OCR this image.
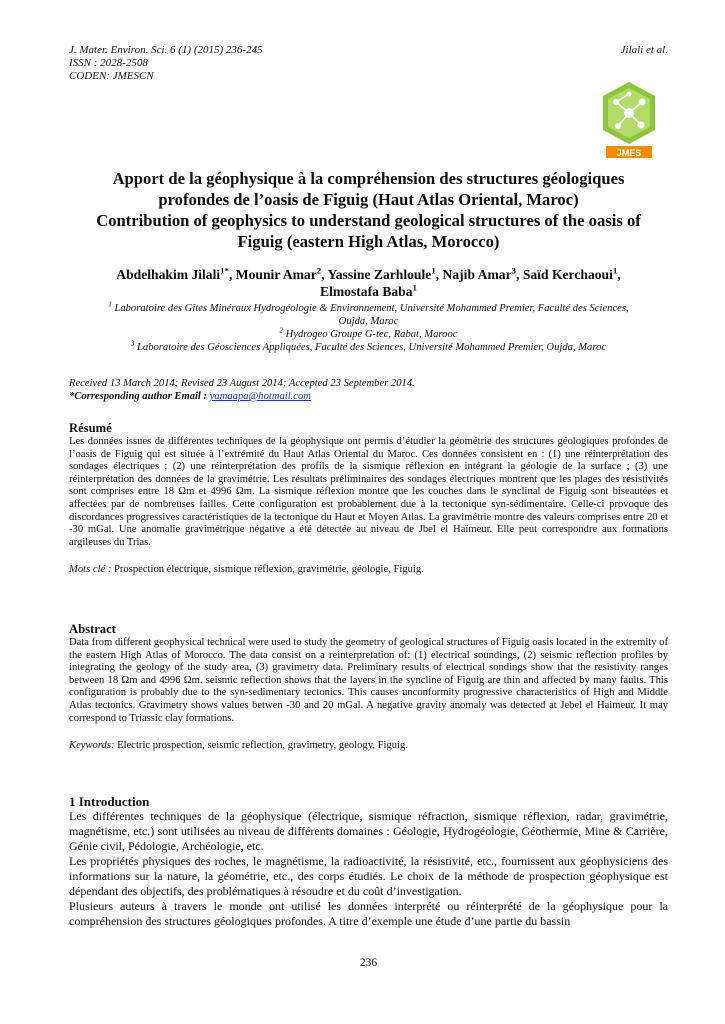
J. Mater. Environ. Sci. 6 (1) (2015) 236-245
ISSN : 2028-2508
CODEN: JMESCN
Jilali et al.
JMES
Apport de la géophysique à la compréhension des structures géologiques
profondes de l’oasis de Figuig (Haut Atlas Oriental, Maroc)
Contribution of geophysics to understand geological structures of the oasis of
Figuig (eastern High Atlas, Morocco)
Abdelhakim Jilali$^{1*}$, Mounir Amar$^2$, Yassine Zarhloule$^1$, Najib Amar$^3$, Saïd Kerchaoui$^1$,
Elmostafa Baba$^1$
$^1$ Laboratoire des Gîtes Minéraux Hydrogéologie & Environnement, Université Mohammed Premier, Faculté des Sciences,
Oujda, Maroc
$^2$ Hydrogeo Groupe G-tec, Rabat, Marooc
$^3$ Laboratoire des Géosciences Appliquées, Faculté des Sciences, Université Mohammed Premier, Oujda, Maroc
Received 13 March 2014; Revised 23 August 2014; Accepted 23 September 2014.
*Corresponding author Email : yamaapa@hotmail.com
Résumé

Les données issues de différentes techniques de la géophysique ont permis d’étudier la géométrie des structures géologiques profondes de l’oasis de Figuig qui est située à l’extrémité du Haut Atlas Oriental du Maroc. Ces données consistent en : (1) une réinterprétation des sondages électriques ; (2) une réinterprétation des profils de la sismique réflexion en intégrant la géologie de la surface ; (3) une réinterprétation des données de la gravimétrie. Les résultats préliminaires des sondages électriques montrent que les plages des résistivités sont comprises entre 18 Ωm et 4996 Ωm. La sismique réflexion montre que les couches dans le synclinal de Figuig sont biseautées et affectées par de nombreuses failles. Cette configuration est probablement due à la tectonique syn-sédimentaire. Celle-ci provoque des discordances progressives caractéristiques de la tectonique du Haut et Moyen Atlas. La gravimétrie montre des valeurs comprises entre 20 et -30 mGal. Une anomalie gravimétrique négative a été détectée au niveau de Jbel el Haïmeur. Elle peut correspondre aux formations argileuses du Trias.

Mots clé : Prospection électrique, sismique réflexion, gravimétrie, géologie, Figuig.
Abstract

Data from different geophysical technical were used to study the geometry of geological structures of Figuig oasis located in the extremity of the eastern High Atlas of Morocco. The data consist on a reinterpretation of: (1) electrical soundings, (2) seismic reflection profiles by integrating the geology of the study area, (3) gravimetry data. Preliminary results of electrical sondings show that the resistivity ranges between 18 Ωm and 4996 Ωm. seismic reflection shows that the layers in the syncline of Figuig are thin and affected by many faults. This configuration is probably due to the syn-sedimentary tectonics. This causes unconformity progressive characteristics of High and Middle Atlas tectonics. Gravimetry shows values betwen -30 and 20 mGal. A negative gravity anomaly was detected at Jebel el Haimeur. It may correspond to Triassic clay formations.

Keywords: Electric prospection, seismic reflection, gravimetry, geology, Figuig.
1 Introduction

Les différentes techniques de la géophysique (électrique, sismique réfraction, sismique réflexion, radar, gravimétrie, magnétisme, etc.) sont utilisées au niveau de différents domaines : Géologie, Hydrogéologie, Géothermie, Mine & Carrière, Génie civil, Pédologie, Archéologie, etc.

Les propriétés physiques des roches, le magnétisme, la radioactivité, la résistivité, etc., fournissent aux géophysiciens des informations sur la nature, la géométrie, etc., des corps étudiés. Le choix de la méthode de prospection géophysique est dépendant des objectifs, des problématiques à résoudre et du coût d’investigation.

Plusieurs auteurs à travers le monde ont utilisé les données interprété ou réinterprété de la géophysique pour la compréhension des structures géologiques profondes. A titre d’exemple une étude d’une partie du bassin

236
